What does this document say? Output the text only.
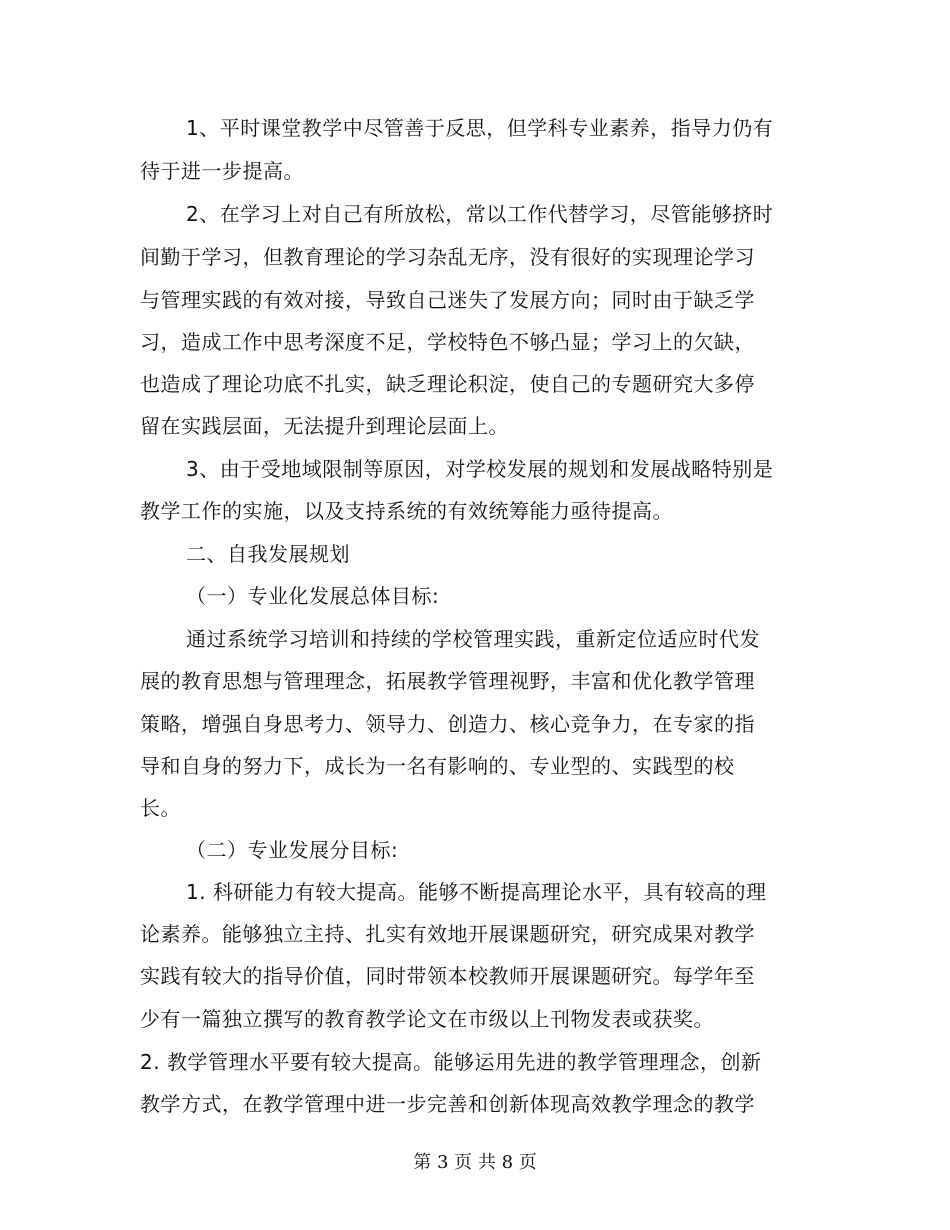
1、平时课堂教学中尽管善于反思，但学科专业素养，指导力仍有
待于进一步提高。
2、在学习上对自己有所放松，常以工作代替学习，尽管能够挤时
间勤于学习，但教育理论的学习杂乱无序，没有很好的实现理论学习
与管理实践的有效对接，导致自己迷失了发展方向；同时由于缺乏学
习，造成工作中思考深度不足，学校特色不够凸显；学习上的欠缺，
也造成了理论功底不扎实，缺乏理论积淀，使自己的专题研究大多停
留在实践层面，无法提升到理论层面上。
3、由于受地域限制等原因，对学校发展的规划和发展战略特别是
教学工作的实施，以及支持系统的有效统筹能力亟待提高。
二、自我发展规划
（一）专业化发展总体目标:
通过系统学习培训和持续的学校管理实践，重新定位适应时代发
展的教育思想与管理理念，拓展教学管理视野，丰富和优化教学管理
策略，增强自身思考力、领导力、创造力、核心竞争力，在专家的指
导和自身的努力下，成长为一名有影响的、专业型的、实践型的校
长。
（二）专业发展分目标:
1. 科研能力有较大提高。能够不断提高理论水平，具有较高的理
论素养。能够独立主持、扎实有效地开展课题研究，研究成果对教学
实践有较大的指导价值，同时带领本校教师开展课题研究。每学年至
少有一篇独立撰写的教育教学论文在市级以上刊物发表或获奖。
2. 教学管理水平要有较大提高。能够运用先进的教学管理理念，创新
教学方式，在教学管理中进一步完善和创新体现高效教学理念的教学
第 3 页 共 8 页
